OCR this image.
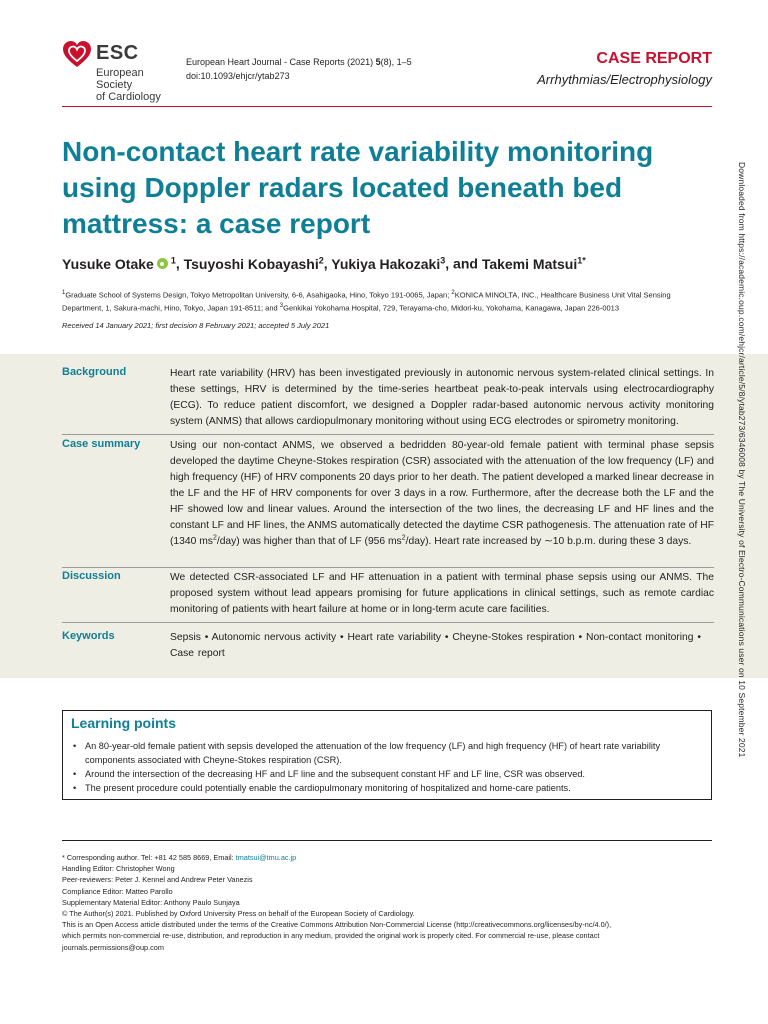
ESC
European Society
of Cardiology
European Heart Journal - Case Reports (2021) 5(8), 1–5
doi:10.1093/ehjcr/ytab273
CASE REPORT
Arrhythmias/Electrophysiology
Non-contact heart rate variability monitoring using Doppler radars located beneath bed mattress: a case report
Yusuke Otake $^1$, Tsuyoshi Kobayashi$^2$, Yukiya Hakozaki$^3$, and Takemi Matsui$^{1*}$
$^1$Graduate School of Systems Design, Tokyo Metropolitan University, 6-6, Asahigaoka, Hino, Tokyo 191-0065, Japan; $^2$KONICA MINOLTA, INC., Healthcare Business Unit Vital Sensing Department, 1, Sakura-machi, Hino, Tokyo, Japan 191-8511; and $^3$Genkikai Yokohama Hospital, 729, Terayama-cho, Midori-ku, Yokohama, Kanagawa, Japan 226-0013
Received 14 January 2021; first decision 8 February 2021; accepted 5 July 2021
Background	Heart rate variability (HRV) has been investigated previously in autonomic nervous system-related clinical settings. In these settings, HRV is determined by the time-series heartbeat peak-to-peak intervals using electrocardiography (ECG). To reduce patient discomfort, we designed a Doppler radar-based autonomic nervous activity monitoring system (ANMS) that allows cardiopulmonary monitoring without using ECG electrodes or spirometry monitoring.
Case summary	Using our non-contact ANMS, we observed a bedridden 80-year-old female patient with terminal phase sepsis developed the daytime Cheyne-Stokes respiration (CSR) associated with the attenuation of the low frequency (LF) and high frequency (HF) of HRV components 20 days prior to her death. The patient developed a marked linear decrease in the LF and the HF of HRV components for over 3 days in a row. Furthermore, after the decrease both the LF and the HF showed low and linear values. Around the intersection of the two lines, the decreasing LF and HF lines and the constant LF and HF lines, the ANMS automatically detected the daytime CSR pathogenesis. The attenuation rate of HF (1340 $ms^2/day$) was higher than that of LF (956 $ms^2/day$). Heart rate increased by ∼10 b.p.m. during these 3 days.
Discussion	We detected CSR-associated LF and HF attenuation in a patient with terminal phase sepsis using our ANMS. The proposed system without lead appears promising for future applications in clinical settings, such as remote cardiac monitoring of patients with heart failure at home or in long-term acute care facilities.
Keywords	Sepsis • Autonomic nervous activity • Heart rate variability • Cheyne-Stokes respiration • Non-contact monitoring • Case report
Learning points
• An 80-year-old female patient with sepsis developed the attenuation of the low frequency (LF) and high frequency (HF) of heart rate variability components associated with Cheyne-Stokes respiration (CSR).
• Around the intersection of the decreasing HF and LF line and the subsequent constant HF and LF line, CSR was observed.
• The present procedure could potentially enable the cardiopulmonary monitoring of hospitalized and home-care patients.
* Corresponding author. Tel: +81 42 585 8669, Email: tmatsui@tmu.ac.jp
Handling Editor: Christopher Wong
Peer-reviewers: Peter J. Kennel and Andrew Peter Vanezis
Compliance Editor: Matteo Parollo
Supplementary Material Editor: Anthony Paulo Sunjaya
© The Author(s) 2021. Published by Oxford University Press on behalf of the European Society of Cardiology.
This is an Open Access article distributed under the terms of the Creative Commons Attribution Non-Commercial License (http://creativecommons.org/licenses/by-nc/4.0/),
which permits non-commercial re-use, distribution, and reproduction in any medium, provided the original work is properly cited. For commercial re-use, please contact
journals.permissions@oup.com
Downloaded from https://academic.oup.com/ehjcr/article/5/8/ytab273/6346008 by The University of Electro-Communications user on 10 September 2021
